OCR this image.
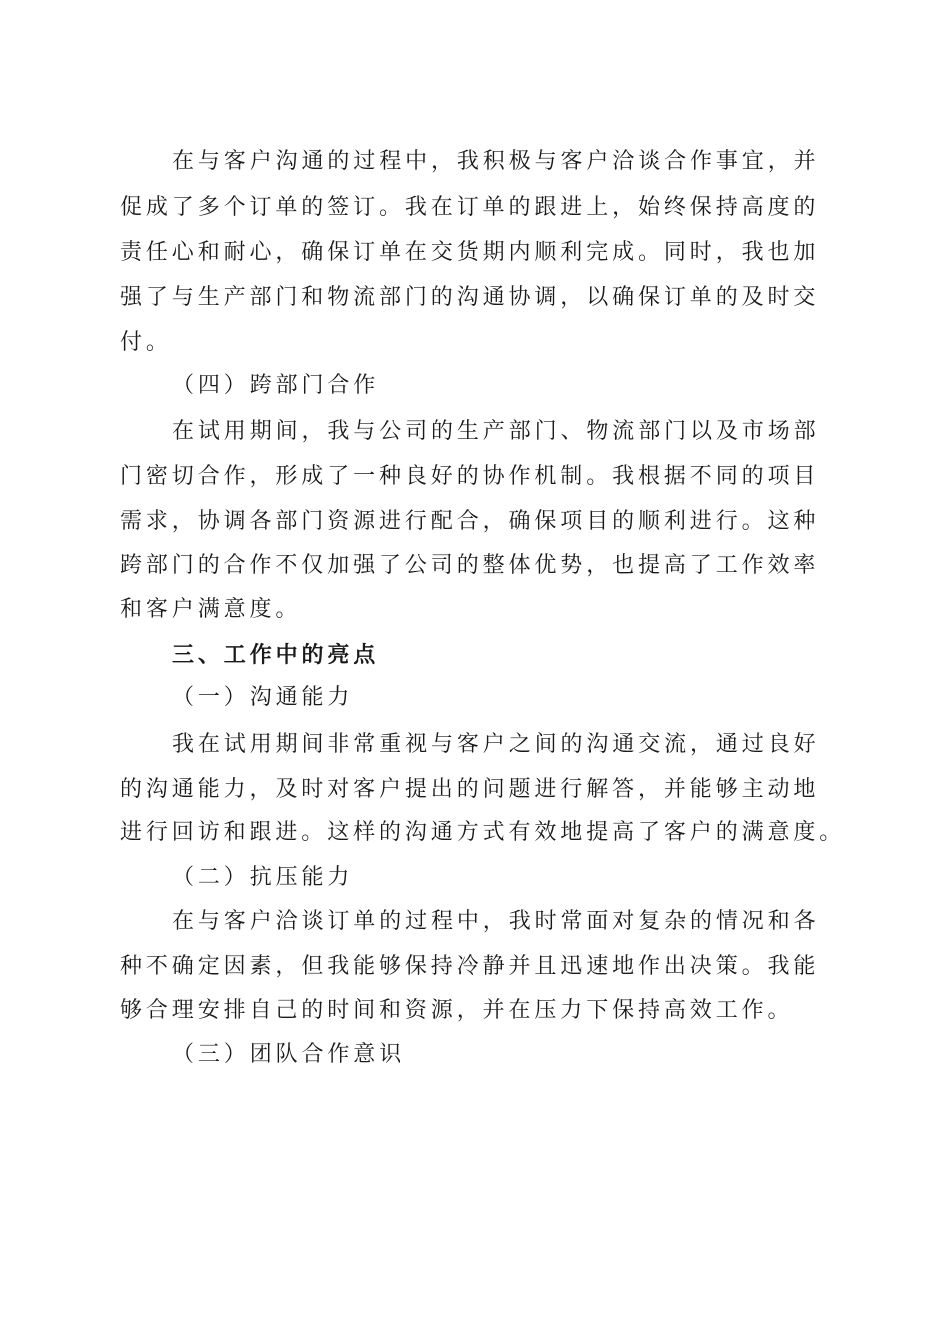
在与客户沟通的过程中，我积极与客户洽谈合作事宜，并
促成了多个订单的签订。我在订单的跟进上，始终保持高度的
责任心和耐心，确保订单在交货期内顺利完成。同时，我也加
强了与生产部门和物流部门的沟通协调，以确保订单的及时交
付。
（四）跨部门合作
在试用期间，我与公司的生产部门、物流部门以及市场部
门密切合作，形成了一种良好的协作机制。我根据不同的项目
需求，协调各部门资源进行配合，确保项目的顺利进行。这种
跨部门的合作不仅加强了公司的整体优势，也提高了工作效率
和客户满意度。
三、工作中的亮点
（一）沟通能力
我在试用期间非常重视与客户之间的沟通交流，通过良好
的沟通能力，及时对客户提出的问题进行解答，并能够主动地
进行回访和跟进。这样的沟通方式有效地提高了客户的满意度。
（二）抗压能力
在与客户洽谈订单的过程中，我时常面对复杂的情况和各
种不确定因素，但我能够保持冷静并且迅速地作出决策。我能
够合理安排自己的时间和资源，并在压力下保持高效工作。
（三）团队合作意识
